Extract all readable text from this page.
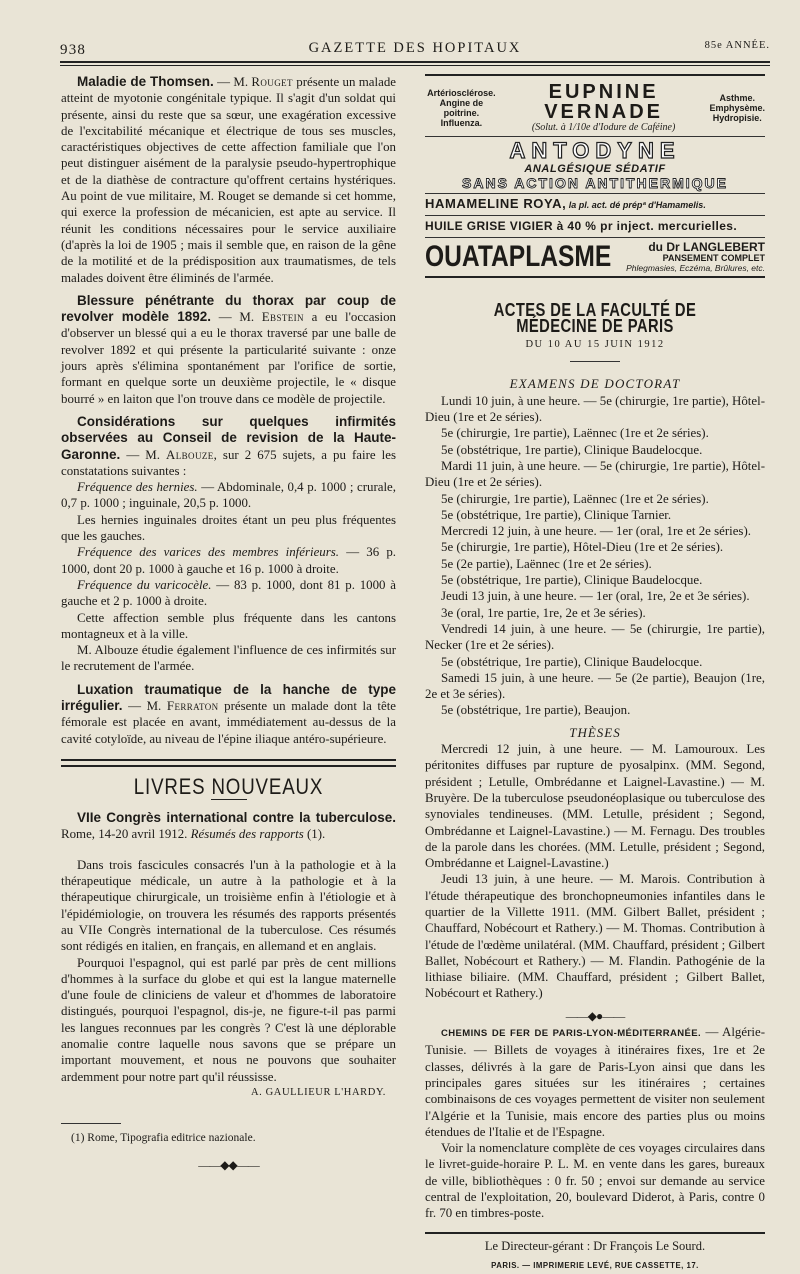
938	GAZETTE DES HOPITAUX	85e ANNÉE.

Maladie de Thomsen. — M. Rouget présente un malade atteint de myotonie congénitale typique. Il s'agit d'un soldat qui présente, ainsi du reste que sa sœur, une exagération excessive de l'excitabilité mécanique et électrique de tous ses muscles, caractéristiques objectives de cette affection familiale que l'on peut distinguer aisément de la paralysie pseudo-hypertrophique et de la diathèse de contracture qu'offrent certains hystériques. Au point de vue militaire, M. Rouget se demande si cet homme, qui exerce la profession de mécanicien, est apte au service. Il réunit les conditions nécessaires pour le service auxiliaire (d'après la loi de 1905 ; mais il semble que, en raison de la gêne de la motilité et de la prédisposition aux traumatismes, de tels malades doivent être éliminés de l'armée.

Blessure pénétrante du thorax par coup de revolver modèle 1892. — M. Ebstein a eu l'occasion d'observer un blessé qui a eu le thorax traversé par une balle de revolver 1892 et qui présente la particularité suivante : onze jours après s'élimina spontanément par l'orifice de sortie, formant en quelque sorte un deuxième projectile, le « disque bourré » en laiton que l'on trouve dans ce modèle de projectile.

Considérations sur quelques infirmités observées au Conseil de revision de la Haute-Garonne. — M. Albouze, sur 2 675 sujets, a pu faire les constatations suivantes :

Fréquence des hernies. — Abdominale, 0,4 p. 1000 ; crurale, 0,7 p. 1000 ; inguinale, 20,5 p. 1000.

Les hernies inguinales droites étant un peu plus fréquentes que les gauches.

Fréquence des varices des membres inférieurs. — 36 p. 1000, dont 20 p. 1000 à gauche et 16 p. 1000 à droite.

Fréquence du varicocèle. — 83 p. 1000, dont 81 p. 1000 à gauche et 2 p. 1000 à droite.

Cette affection semble plus fréquente dans les cantons montagneux et à la ville.

M. Albouze étudie également l'influence de ces infirmités sur le recrutement de l'armée.

Luxation traumatique de la hanche de type irrégulier. — M. Ferraton présente un malade dont la tête fémorale est placée en avant, immédiatement au-dessus de la cavité cotyloïde, au niveau de l'épine iliaque antéro-supérieure.

LIVRES NOUVEAUX

VIIe Congrès international contre la tuberculose. Rome, 14-20 avril 1912. Résumés des rapports (1).

Dans trois fascicules consacrés l'un à la pathologie et à la thérapeutique médicale, un autre à la pathologie et à la thérapeutique chirurgicale, un troisième enfin à l'étiologie et à l'épidémiologie, on trouvera les résumés des rapports présentés au VIIe Congrès international de la tuberculose. Ces résumés sont rédigés en italien, en français, en allemand et en anglais.

Pourquoi l'espagnol, qui est parlé par près de cent millions d'hommes à la surface du globe et qui est la langue maternelle d'une foule de cliniciens de valeur et d'hommes de laboratoire distingués, pourquoi l'espagnol, dis-je, ne figure-t-il pas parmi les langues reconnues par les congrès ? C'est là une déplorable anomalie contre laquelle nous savons que se prépare un important mouvement, et nous ne pouvons que souhaiter ardemment pour notre part qu'il réussisse.

A. GAULLIEUR L'HARDY.

(1) Rome, Tipografia editrice nazionale.

——◆◆——
Artériosclérose.
Angine de poitrine.
Influenza.
EUPNINE VERNADE
(Solut. à 1/10e d'Iodure de Caféine)
Asthme.
Emphysème.
Hydropisie.
ANTODYNE
ANALGÉSIQUE SÉDATIF
SANS ACTION ANTITHERMIQUE
HAMAMELINE ROYA, la pl. act. dé prépª d'Hamamelis.
HUILE GRISE VIGIER à 40 % pr inject. mercurielles.
OUATAPLASME	du Dr LANGLEBERT
PANSEMENT COMPLET
Phlegmasies, Eczéma, Brûlures, etc.
ACTES DE LA FACULTÉ DE MÉDECINE DE PARIS
DU 10 AU 15 JUIN 1912
EXAMENS DE DOCTORAT

Lundi 10 juin, à une heure. — 5e (chirurgie, 1re partie), Hôtel-Dieu (1re et 2e séries).

5e (chirurgie, 1re partie), Laënnec (1re et 2e séries).

5e (obstétrique, 1re partie), Clinique Baudelocque.

Mardi 11 juin, à une heure. — 5e (chirurgie, 1re partie), Hôtel-Dieu (1re et 2e séries).

5e (chirurgie, 1re partie), Laënnec (1re et 2e séries).

5e (obstétrique, 1re partie), Clinique Tarnier.

Mercredi 12 juin, à une heure. — 1er (oral, 1re et 2e séries).

5e (chirurgie, 1re partie), Hôtel-Dieu (1re et 2e séries).

5e (2e partie), Laënnec (1re et 2e séries).

5e (obstétrique, 1re partie), Clinique Baudelocque.

Jeudi 13 juin, à une heure. — 1er (oral, 1re, 2e et 3e séries).

3e (oral, 1re partie, 1re, 2e et 3e séries).

Vendredi 14 juin, à une heure. — 5e (chirurgie, 1re partie), Necker (1re et 2e séries).

5e (obstétrique, 1re partie), Clinique Baudelocque.

Samedi 15 juin, à une heure. — 5e (2e partie), Beaujon (1re, 2e et 3e séries).

5e (obstétrique, 1re partie), Beaujon.

THÈSES

Mercredi 12 juin, à une heure. — M. Lamouroux. Les péritonites diffuses par rupture de pyosalpinx. (MM. Segond, président ; Letulle, Ombrédanne et Laignel-Lavastine.) — M. Bruyère. De la tuberculose pseudonéoplasique ou tuberculose des synoviales tendineuses. (MM. Letulle, président ; Segond, Ombrédanne et Laignel-Lavastine.) — M. Fernagu. Des troubles de la parole dans les chorées. (MM. Letulle, président ; Segond, Ombrédanne et Laignel-Lavastine.)

Jeudi 13 juin, à une heure. — M. Marois. Contribution à l'étude thérapeutique des bronchopneumonies infantiles dans le quartier de la Villette 1911. (MM. Gilbert Ballet, président ; Chauffard, Nobécourt et Rathery.) — M. Thomas. Contribution à l'étude de l'œdème unilatéral. (MM. Chauffard, président ; Gilbert Ballet, Nobécourt et Rathery.) — M. Flandin. Pathogénie de la lithiase biliaire. (MM. Chauffard, président ; Gilbert Ballet, Nobécourt et Rathery.)

——◆●——

CHEMINS DE FER DE PARIS-LYON-MÉDITERRANÉE. — Algérie-Tunisie. — Billets de voyages à itinéraires fixes, 1re et 2e classes, délivrés à la gare de Paris-Lyon ainsi que dans les principales gares situées sur les itinéraires ; certaines combinaisons de ces voyages permettent de visiter non seulement l'Algérie et la Tunisie, mais encore des parties plus ou moins étendues de l'Italie et de l'Espagne.

Voir la nomenclature complète de ces voyages circulaires dans le livret-guide-horaire P. L. M. en vente dans les gares, bureaux de ville, bibliothèques : 0 fr. 50 ; envoi sur demande au service central de l'exploitation, 20, boulevard Diderot, à Paris, contre 0 fr. 70 en timbres-poste.

Le Directeur-gérant : Dr François Le Sourd.
PARIS. — IMPRIMERIE LEVÉ, RUE CASSETTE, 17.
